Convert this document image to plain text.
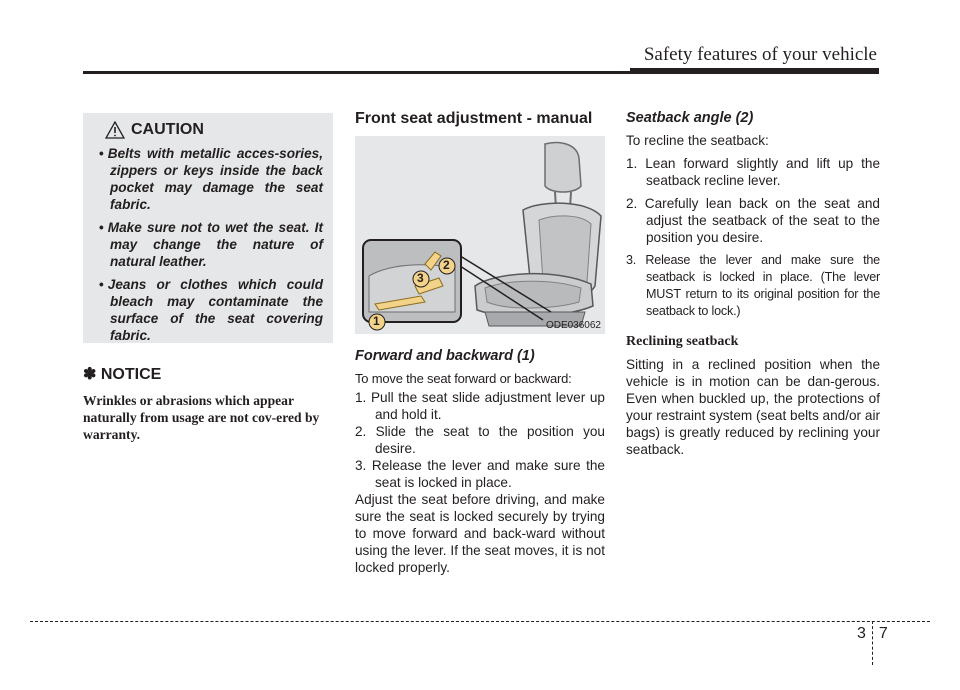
Safety features of your vehicle
CAUTION
• Belts with metallic acces-sories, zippers or keys inside the back pocket may damage the seat fabric.
• Make sure not to wet the seat. It may change the nature of natural leather.
• Jeans or clothes which could bleach may contaminate the surface of the seat covering fabric.
✽ NOTICE
Wrinkles or abrasions which appear naturally from usage are not cov-ered by warranty.
Front seat adjustment - manual
1
2
3
ODE036062
Forward and backward (1)
To move the seat forward or backward:
1. Pull the seat slide adjustment lever up and hold it.
2. Slide the seat to the position you desire.
3. Release the lever and make sure the seat is locked in place.
Adjust the seat before driving, and make sure the seat is locked securely by trying to move forward and back-ward without using the lever. If the seat moves, it is not locked properly.
Seatback angle (2)
To recline the seatback:
1. Lean forward slightly and lift up the seatback recline lever.
2. Carefully lean back on the seat and adjust the seatback of the seat to the position you desire.
3. Release the lever and make sure the seatback is locked in place. (The lever MUST return to its original position for the seatback to lock.)
Reclining seatback
Sitting in a reclined position when the vehicle is in motion can be dan-gerous. Even when buckled up, the protections of your restraint system (seat belts and/or air bags) is greatly reduced by reclining your seatback.
3 7
